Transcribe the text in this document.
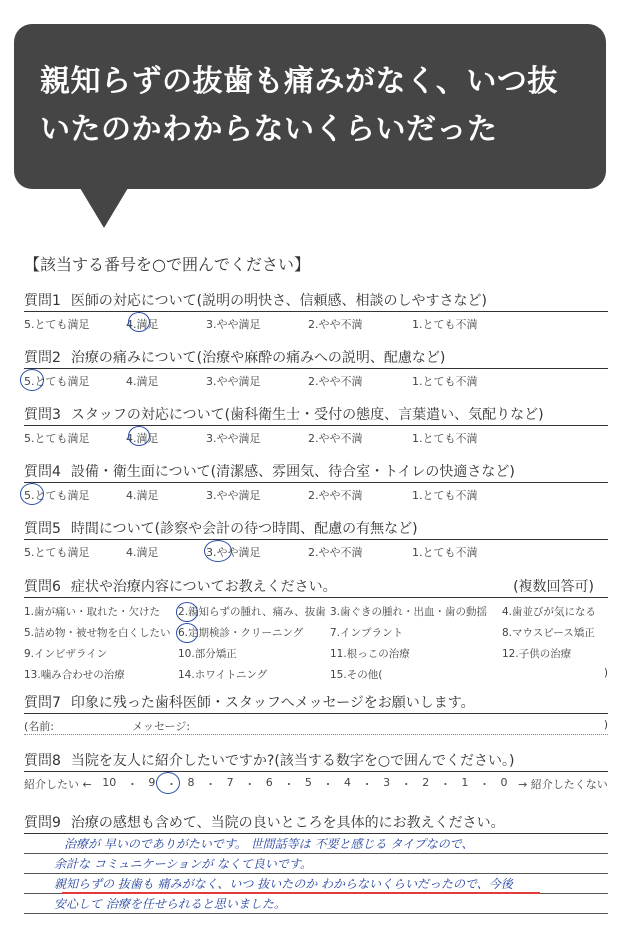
親知らずの抜歯も痛みがなく、いつ抜

いたのかわからないくらいだった

【該当する番号を○で囲んでください】

質問1 医師の対応について(説明の明快さ、信頼感、相談のしやすさなど)
5.とても満足	4.満足	3.やや満足	2.やや不満	1.とても不満
質問2 治療の痛みについて(治療や麻酔の痛みへの説明、配慮など)
5.とても満足	4.満足	3.やや満足	2.やや不満	1.とても不満
質問3 スタッフの対応について(歯科衛生士・受付の態度、言葉遣い、気配りなど)
5.とても満足	4.満足	3.やや満足	2.やや不満	1.とても不満
質問4 設備・衛生面について(清潔感、雰囲気、待合室・トイレの快適さなど)
5.とても満足	4.満足	3.やや満足	2.やや不満	1.とても不満
質問5 時間について(診察や会計の待つ時間、配慮の有無など)
5.とても満足	4.満足	3.やや満足	2.やや不満	1.とても不満
質問6 症状や治療内容についてお教えください。	(複数回答可)
1.歯が痛い・取れた・欠けた	2.親知らずの腫れ、痛み、抜歯 3.歯ぐきの腫れ・出血・歯の動揺	4.歯並びが気になる
5.詰め物・被せ物を白くしたい 6.定期検診・クリーニング	7.インプラント	8.マウスピース矯正
9.インビザライン	10.部分矯正	11.根っこの治療	12.子供の治療
13.噛み合わせの治療	14.ホワイトニング	15.その他(	)
質問7 印象に残った歯科医師・スタッフへメッセージをお願いします。
(名前:	メッセージ:	)
質問8 当院を友人に紹介したいですか?(該当する数字を○で囲んでください。)
紹介したい ← 10 ・ 9 ・ 8 ・ 7 ・ 6 ・ 5 ・ 4 ・ 3 ・ 2 ・ 1 ・ 0 → 紹介したくない
質問9 治療の感想も含めて、当院の良いところを具体的にお教えください。
治療が 早いのでありがたいです。 世間話等は 不要と感じる タイプなので、
余計な コミュニケーションが なくて良いです。
親知らずの 抜歯も 痛みがなく、いつ 抜いたのか わからないくらいだったので、今後
安心して 治療を任せられると思いました。
